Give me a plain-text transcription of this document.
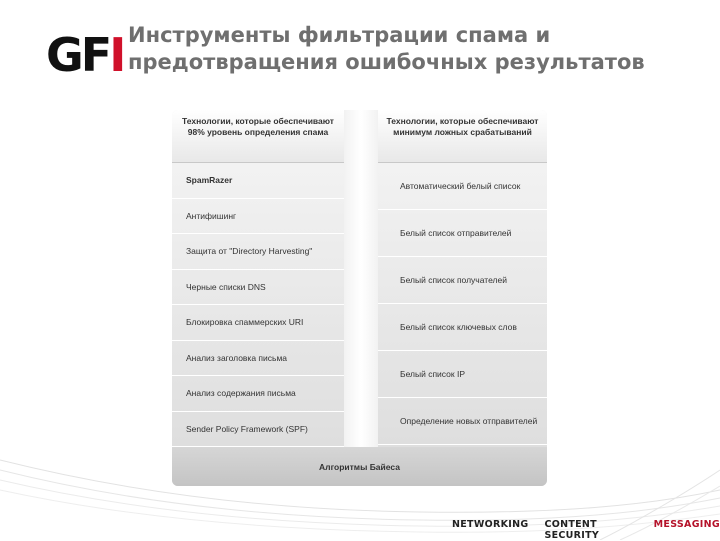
GFI Инструменты фильтрации спама и предотвращения ошибочных результатов
Технологии, которые обеспечивают 98% уровень определения спама
SpamRazer
Антифишинг
Защита от "Directory Harvesting"
Черные списки DNS
Блокировка спаммерских URI
Анализ заголовка письма
Анализ содержания письма
Sender Policy Framework (SPF)
Технологии, которые обеспечивают минимум ложных срабатываний
Автоматический белый список
Белый список отправителей
Белый список получателей
Белый список ключевых слов
Белый список IP
Определение новых отправителей
Алгоритмы Байеса
NETWORKING CONTENT SECURITY
MESSAGING
